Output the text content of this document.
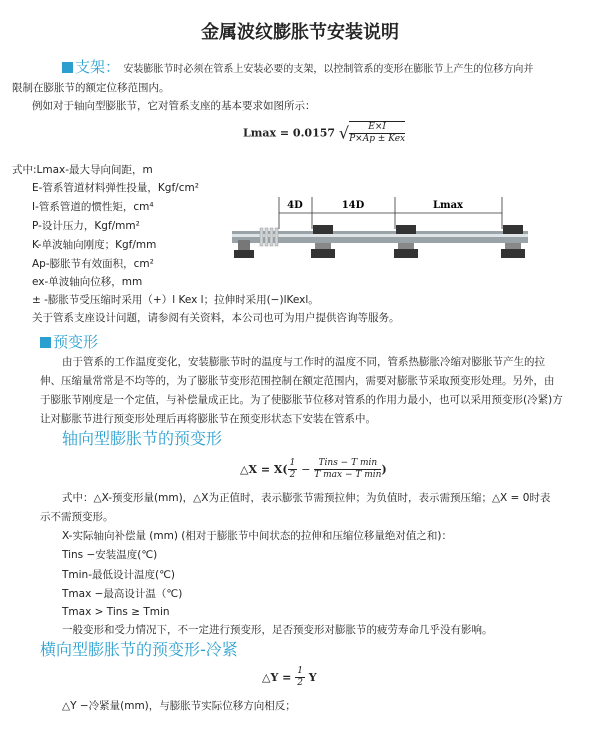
金属波纹膨胀节安装说明
支架： 安装膨胀节时必须在管系上安装必要的支架，以控制管系的变形在膨胀节上产生的位移方向并
限制在膨胀节的额定位移范围内。
例如对于轴向型膨胀节，它对管系支座的基本要求如图所示：
Lmax = 0.0157 √ $\frac{E\times I}{\text{P×Ap ± Kex}}$
式中:Lmax-最大导向间距，m
E-管系管道材料弹性投量，Kgf/cm²
I-管系管道的惯性矩，cm⁴
P-设计压力，Kgf/mm²
K-单波轴向刚度；Kgf/mm
Ap-膨胀节有效面积，cm²
ex-单波轴向位移，mm
± -膨胀节受压缩时采用（+）l Kex l；拉伸时采用(−)lKexl。
关于管系支座设计问题，请参阅有关资料，本公司也可为用户提供咨询等服务。
4D	14D	Lmax
预变形
由于管系的工作温度变化，安装膨胀节时的温度与工作时的温度不同，管系热膨胀冷缩对膨胀节产生的拉
伸、压缩量常常是不均等的，为了膨胀节变形范围控制在额定范围内，需要对膨胀节采取预变形处理。另外，由
于膨胀节刚度是一个定值，与补偿量成正比。为了使膨胀节位移对管系的作用力最小，也可以采用预变形(冷紧)方
让对膨胀节进行预变形处理后再将膨胀节在预变形状态下安装在管系中。
轴向型膨胀节的预变形
△X = $X( \frac{1}{2} - \frac{\text{Tins − T min}}{\text{T max − T min}}$ )
式中：△X-预变形量(mm)，△X为正值时，表示膨张节需预拉伸；为负值时，表示需预压缩；△X = 0时表
示不需预变形。
X-实际轴向补偿量 (mm) (相对于膨胀节中间状态的拉伸和压缩位移量绝对值之和)：
Tins −安装温度(℃)
Tmin-最低设计温度(℃)
Tmax −最高设计温（℃)
Tmax > Tins ≥ Tmin
一般变形和受力情况下，不一定进行预变形，足否预变形对膨胀节的疲劳寿命几乎没有影响。
横向型膨胀节的预变形-冷紧
△Y = $\frac{1}{2}$ Y
△Y −冷紧量(mm)，与膨胀节实际位移方向相反；
